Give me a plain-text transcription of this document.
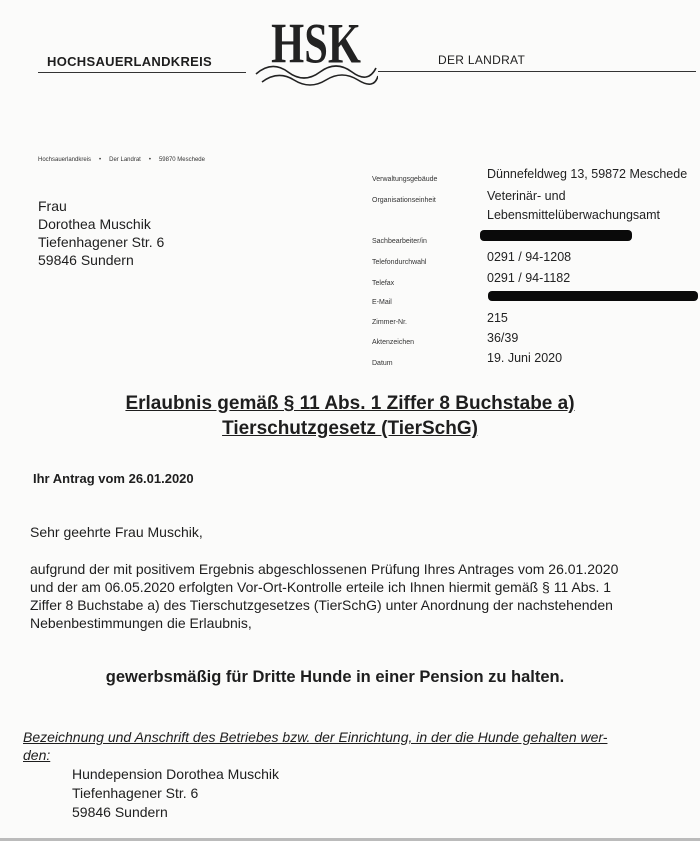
HOCHSAUERLANDKREIS HSK	DER LANDRAT
Hochsauerlandkreis • Der Landrat • 59870 Meschede
Frau
Dorothea Muschik
Tiefenhagener Str. 6
59846 Sundern
Verwaltungsgebäude	Dünnefeldweg 13, 59872 Meschede
Organisationseinheit	Veterinär- und
Lebensmittelüberwachungsamt
Sachbearbeiter/in
Telefondurchwahl	0291 / 94-1208
Telefax	0291 / 94-1182
E-Mail
Zimmer-Nr.	215
Aktenzeichen	36/39
Datum	19. Juni 2020
Erlaubnis gemäß § 11 Abs. 1 Ziffer 8 Buchstabe a)
Tierschutzgesetz (TierSchG)
Ihr Antrag vom 26.01.2020
Sehr geehrte Frau Muschik,
aufgrund der mit positivem Ergebnis abgeschlossenen Prüfung Ihres Antrages vom 26.01.2020
und der am 06.05.2020 erfolgten Vor-Ort-Kontrolle erteile ich Ihnen hiermit gemäß § 11 Abs. 1
Ziffer 8 Buchstabe a) des Tierschutzgesetzes (TierSchG) unter Anordnung der nachstehenden
Nebenbestimmungen die Erlaubnis,
gewerbsmäßig für Dritte Hunde in einer Pension zu halten.
Bezeichnung und Anschrift des Betriebes bzw. der Einrichtung, in der die Hunde gehalten wer-
den:
Hundepension Dorothea Muschik
Tiefenhagener Str. 6
59846 Sundern
